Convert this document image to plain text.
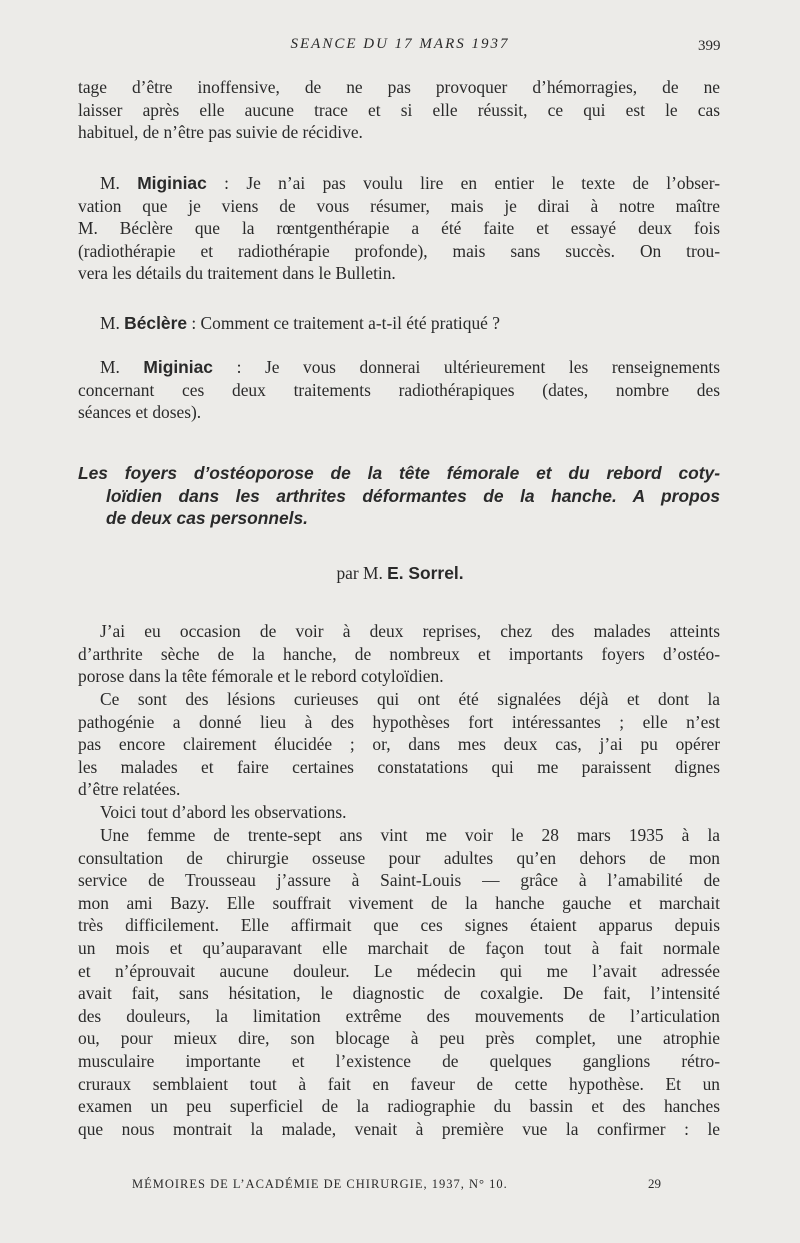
SEANCE DU 17 MARS 1937	399

tage d’être inoffensive, de ne pas provoquer d’hémorragies, de ne

laisser après elle aucune trace et si elle réussit, ce qui est le cas

habituel, de n’être pas suivie de récidive.

M. Miginiac : Je n’ai pas voulu lire en entier le texte de l’obser-

vation que je viens de vous résumer, mais je dirai à notre maître

M. Béclère que la rœntgenthérapie a été faite et essayé deux fois

(radiothérapie et radiothérapie profonde), mais sans succès. On trou-

vera les détails du traitement dans le Bulletin.

M. Béclère : Comment ce traitement a-t-il été pratiqué ?

M. Miginiac : Je vous donnerai ultérieurement les renseignements

concernant ces deux traitements radiothérapiques (dates, nombre des

séances et doses).

Les foyers d’ostéoporose de la tête fémorale et du rebord coty-

loïdien dans les arthrites déformantes de la hanche. A propos

de deux cas personnels.

par M. E. Sorrel.

J’ai eu occasion de voir à deux reprises, chez des malades atteints

d’arthrite sèche de la hanche, de nombreux et importants foyers d’ostéo-

porose dans la tête fémorale et le rebord cotyloïdien.

Ce sont des lésions curieuses qui ont été signalées déjà et dont la

pathogénie a donné lieu à des hypothèses fort intéressantes ; elle n’est

pas encore clairement élucidée ; or, dans mes deux cas, j’ai pu opérer

les malades et faire certaines constatations qui me paraissent dignes

d’être relatées.

Voici tout d’abord les observations.

Une femme de trente-sept ans vint me voir le 28 mars 1935 à la

consultation de chirurgie osseuse pour adultes qu’en dehors de mon

service de Trousseau j’assure à Saint-Louis — grâce à l’amabilité de

mon ami Bazy. Elle souffrait vivement de la hanche gauche et marchait

très difficilement. Elle affirmait que ces signes étaient apparus depuis

un mois et qu’auparavant elle marchait de façon tout à fait normale

et n’éprouvait aucune douleur. Le médecin qui me l’avait adressée

avait fait, sans hésitation, le diagnostic de coxalgie. De fait, l’intensité

des douleurs, la limitation extrême des mouvements de l’articulation

ou, pour mieux dire, son blocage à peu près complet, une atrophie

musculaire importante et l’existence de quelques ganglions rétro-

cruraux semblaient tout à fait en faveur de cette hypothèse. Et un

examen un peu superficiel de la radiographie du bassin et des hanches

que nous montrait la malade, venait à première vue la confirmer : le

MÉMOIRES DE L’ACADÉMIE DE CHIRURGIE, 1937, N° 10.	29
